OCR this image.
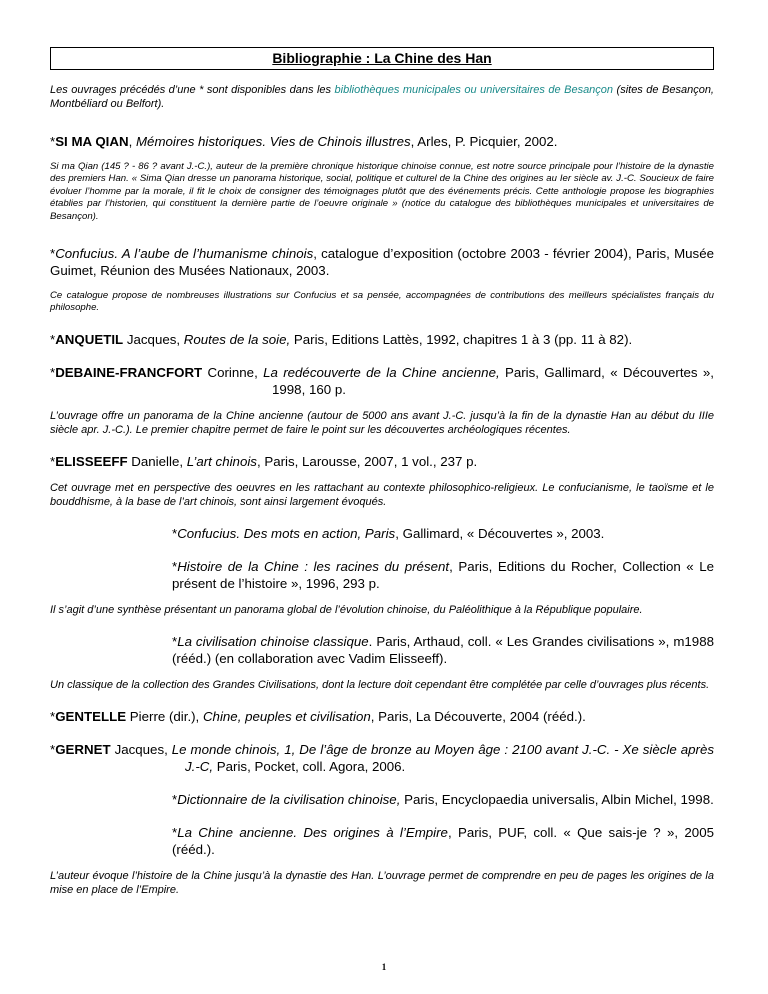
Bibliographie : La Chine des Han
Les ouvrages précédés d’une * sont disponibles dans les bibliothèques municipales ou universitaires de Besançon (sites de Besançon, Montbéliard ou Belfort).
*SI MA QIAN, Mémoires historiques. Vies de Chinois illustres, Arles, P. Picquier, 2002.
Si ma Qian (145 ? - 86 ? avant J.-C.), auteur de la première chronique historique chinoise connue, est notre source principale pour l’histoire de la dynastie des premiers Han. « Sima Qian dresse un panorama historique, social, politique et culturel de la Chine des origines au Ier siècle av. J.-C. Soucieux de faire évoluer l’homme par la morale, il fit le choix de consigner des témoignages plutôt que des événements précis. Cette anthologie propose les biographies établies par l’historien, qui constituent la dernière partie de l’oeuvre originale » (notice du catalogue des bibliothèques municipales et universitaires de Besançon).
*Confucius. A l’aube de l’humanisme chinois, catalogue d’exposition (octobre 2003 - février 2004), Paris, Musée Guimet, Réunion des Musées Nationaux, 2003.
Ce catalogue propose de nombreuses illustrations sur Confucius et sa pensée, accompagnées de contributions des meilleurs spécialistes français du philosophe.
*ANQUETIL Jacques, Routes de la soie, Paris, Editions Lattès, 1992, chapitres 1 à 3 (pp. 11 à 82).
*DEBAINE-FRANCFORT Corinne, La redécouverte de la Chine ancienne, Paris, Gallimard, « Découvertes », 1998, 160 p.
L’ouvrage offre un panorama de la Chine ancienne (autour de 5000 ans avant J.-C. jusqu’à la fin de la dynastie Han au début du IIIe siècle apr. J.-C.). Le premier chapitre permet de faire le point sur les découvertes archéologiques récentes.
*ELISSEEFF Danielle, L’art chinois, Paris, Larousse, 2007, 1 vol., 237 p.
Cet ouvrage met en perspective des oeuvres en les rattachant au contexte philosophico-religieux. Le confucianisme, le taoïsme et le bouddhisme, à la base de l’art chinois, sont ainsi largement évoqués.
*Confucius. Des mots en action, Paris, Gallimard, « Découvertes », 2003.
*Histoire de la Chine : les racines du présent, Paris, Editions du Rocher, Collection « Le présent de l’histoire », 1996, 293 p.
Il s’agit d’une synthèse présentant un panorama global de l’évolution chinoise, du Paléolithique à la République populaire.
*La civilisation chinoise classique. Paris, Arthaud, coll. « Les Grandes civilisations », m1988 (rééd.) (en collaboration avec Vadim Elisseeff).
Un classique de la collection des Grandes Civilisations, dont la lecture doit cependant être complétée par celle d’ouvrages plus récents.
*GENTELLE Pierre (dir.), Chine, peuples et civilisation, Paris, La Découverte, 2004 (rééd.).
*GERNET Jacques, Le monde chinois, 1, De l’âge de bronze au Moyen âge : 2100 avant J.-C. - Xe siècle après J.-C, Paris, Pocket, coll. Agora, 2006.
*Dictionnaire de la civilisation chinoise, Paris, Encyclopaedia universalis, Albin Michel, 1998.
*La Chine ancienne. Des origines à l’Empire, Paris, PUF, coll. « Que sais-je ? », 2005 (rééd.).
L’auteur évoque l’histoire de la Chine jusqu’à la dynastie des Han. L’ouvrage permet de comprendre en peu de pages les origines de la mise en place de l’Empire.
1
